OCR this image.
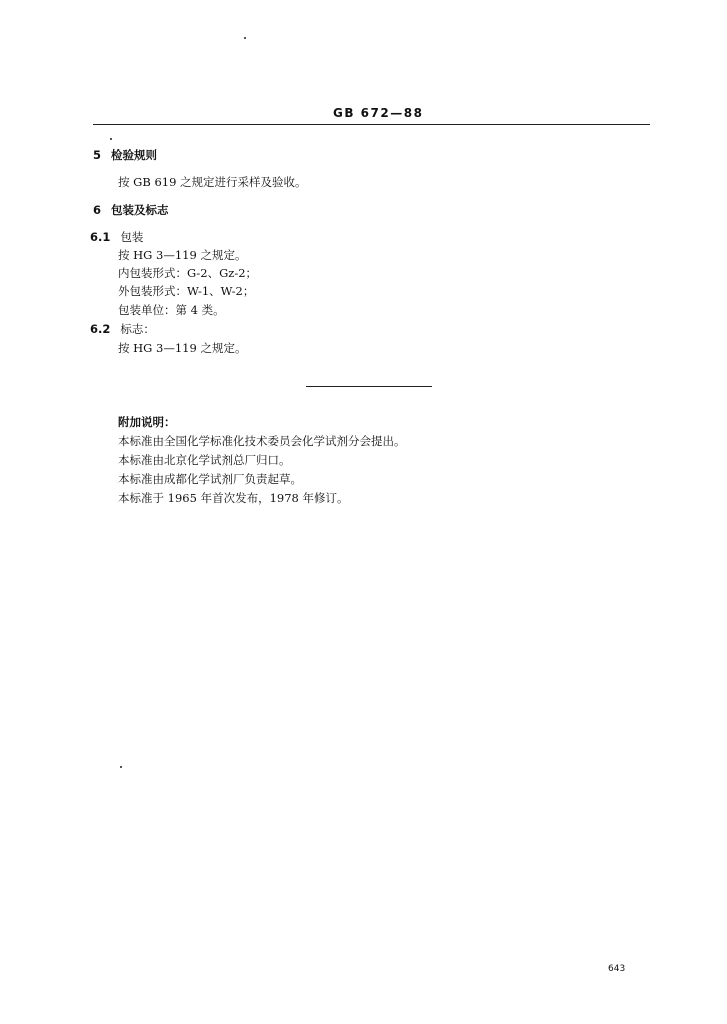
GB 672—88
5 检验规则
按 GB 619 之规定进行采样及验收。
6 包装及标志
6.1 包装
按 HG 3—119 之规定。
内包装形式：G-2、Gz-2；
外包装形式：W-1、W-2；
包装单位：第 4 类。
6.2 标志：
按 HG 3—119 之规定。
附加说明：
本标准由全国化学标准化技术委员会化学试剂分会提出。
本标准由北京化学试剂总厂归口。
本标准由成都化学试剂厂负责起草。
本标准于 1965 年首次发布，1978 年修订。
643
